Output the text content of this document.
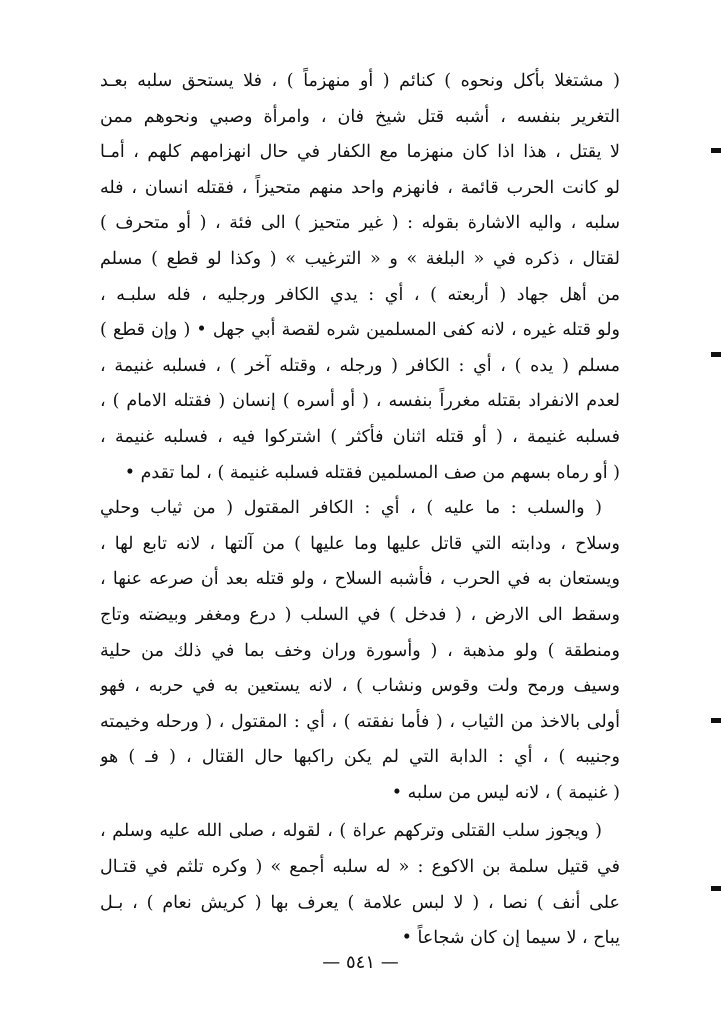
( مشتغلا بأكل ونحوه ) كنائم ( أو منهزماً ) ، فلا يستحق سلبه بعـد
التغرير بنفسه ، أشبه قتل شيخ فان ، وامرأة وصبي ونحوهم ممن
لا يقتل ، هذا اذا كان منهزما مع الكفار في حال انهزامهم كلهم ، أمـا
لو كانت الحرب قائمة ، فانهزم واحد منهم متحيزاً ، فقتله انسان ، فله
سلبه ، واليه الاشارة بقوله : ( غير متحيز ) الى فئة ، ( أو متحرف )
لقتال ، ذكره في « البلغة » و « الترغيب » ( وكذا لو قطع ) مسلم
من أهل جهاد ( أربعته ) ، أي : يدي الكافر ورجليه ، فله سلبـه ،
ولو قتله غيره ، لانه كفى المسلمين شره لقصة أبي جهل • ( وإن قطع )
مسلم ( يده ) ، أي : الكافر ( ورجله ، وقتله آخر ) ، فسلبه غنيمة ،
لعدم الانفراد بقتله مغرراً بنفسه ، ( أو أسره ) إنسان ( فقتله الامام ) ،
فسلبه غنيمة ، ( أو قتله اثنان فأكثر ) اشتركوا فيه ، فسلبه غنيمة ،
( أو رماه بسهم من صف المسلمين فقتله فسلبه غنيمة ) ، لما تقدم •
( والسلب : ما عليه ) ، أي : الكافر المقتول ( من ثياب وحلي
وسلاح ، ودابته التي قاتل عليها وما عليها ) من آلتها ، لانه تابع لها ،
ويستعان به في الحرب ، فأشبه السلاح ، ولو قتله بعد أن صرعه عنها ،
وسقط الى الارض ، ( فدخل ) في السلب ( درع ومغفر وبيضته وتاج
ومنطقة ) ولو مذهبة ، ( وأسورة وران وخف بما في ذلك من حلية
وسيف ورمح ولت وقوس ونشاب ) ، لانه يستعين به في حربه ، فهو
أولى بالاخذ من الثياب ، ( فأما نفقته ) ، أي : المقتول ، ( ورحله وخيمته
وجنيبه ) ، أي : الدابة التي لم يكن راكبها حال القتال ، ( فـ ) هو
( غنيمة ) ، لانه ليس من سلبه •
( ويجوز سلب القتلى وتركهم عراة ) ، لقوله ، صلى الله عليه وسلم ،
في قتيل سلمة بن الاكوع : « له سلبه أجمع » ( وكره تلثم في قتـال
على أنف ) نصا ، ( لا لبس علامة ) يعرف بها ( كريش نعام ) ، بـل
يباح ، لا سيما إن كان شجاعاً •
— ٥٤١ —
